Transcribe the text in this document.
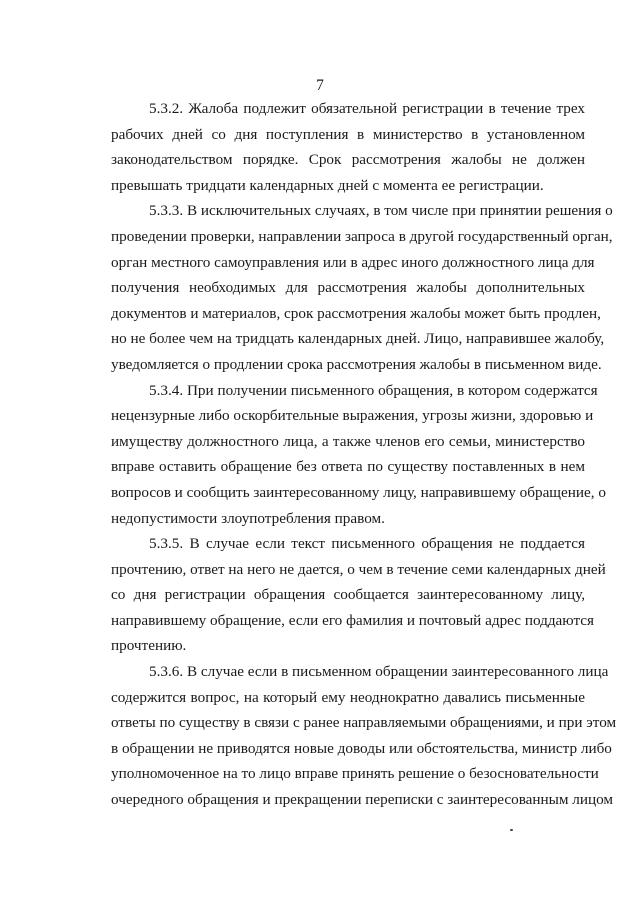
7
5.3.2. Жалоба подлежит обязательной регистрации в течение трех
рабочих дней со дня поступления в министерство в установленном
законодательством порядке. Срок рассмотрения жалобы не должен
превышать тридцати календарных дней с момента ее регистрации.
5.3.3. В исключительных случаях, в том числе при принятии решения о
проведении проверки, направлении запроса в другой государственный орган,
орган местного самоуправления или в адрес иного должностного лица для
получения необходимых для рассмотрения жалобы дополнительных
документов и материалов, срок рассмотрения жалобы может быть продлен,
но не более чем на тридцать календарных дней. Лицо, направившее жалобу,
уведомляется о продлении срока рассмотрения жалобы в письменном виде.
5.3.4. При получении письменного обращения, в котором содержатся
нецензурные либо оскорбительные выражения, угрозы жизни, здоровью и
имуществу должностного лица, а также членов его семьи, министерство
вправе оставить обращение без ответа по существу поставленных в нем
вопросов и сообщить заинтересованному лицу, направившему обращение, о
недопустимости злоупотребления правом.
5.3.5. В случае если текст письменного обращения не поддается
прочтению, ответ на него не дается, о чем в течение семи календарных дней
со дня регистрации обращения сообщается заинтересованному лицу,
направившему обращение, если его фамилия и почтовый адрес поддаются
прочтению.
5.3.6. В случае если в письменном обращении заинтересованного лица
содержится вопрос, на который ему неоднократно давались письменные
ответы по существу в связи с ранее направляемыми обращениями, и при этом
в обращении не приводятся новые доводы или обстоятельства, министр либо
уполномоченное на то лицо вправе принять решение о безосновательности
очередного обращения и прекращении переписки с заинтересованным лицом
